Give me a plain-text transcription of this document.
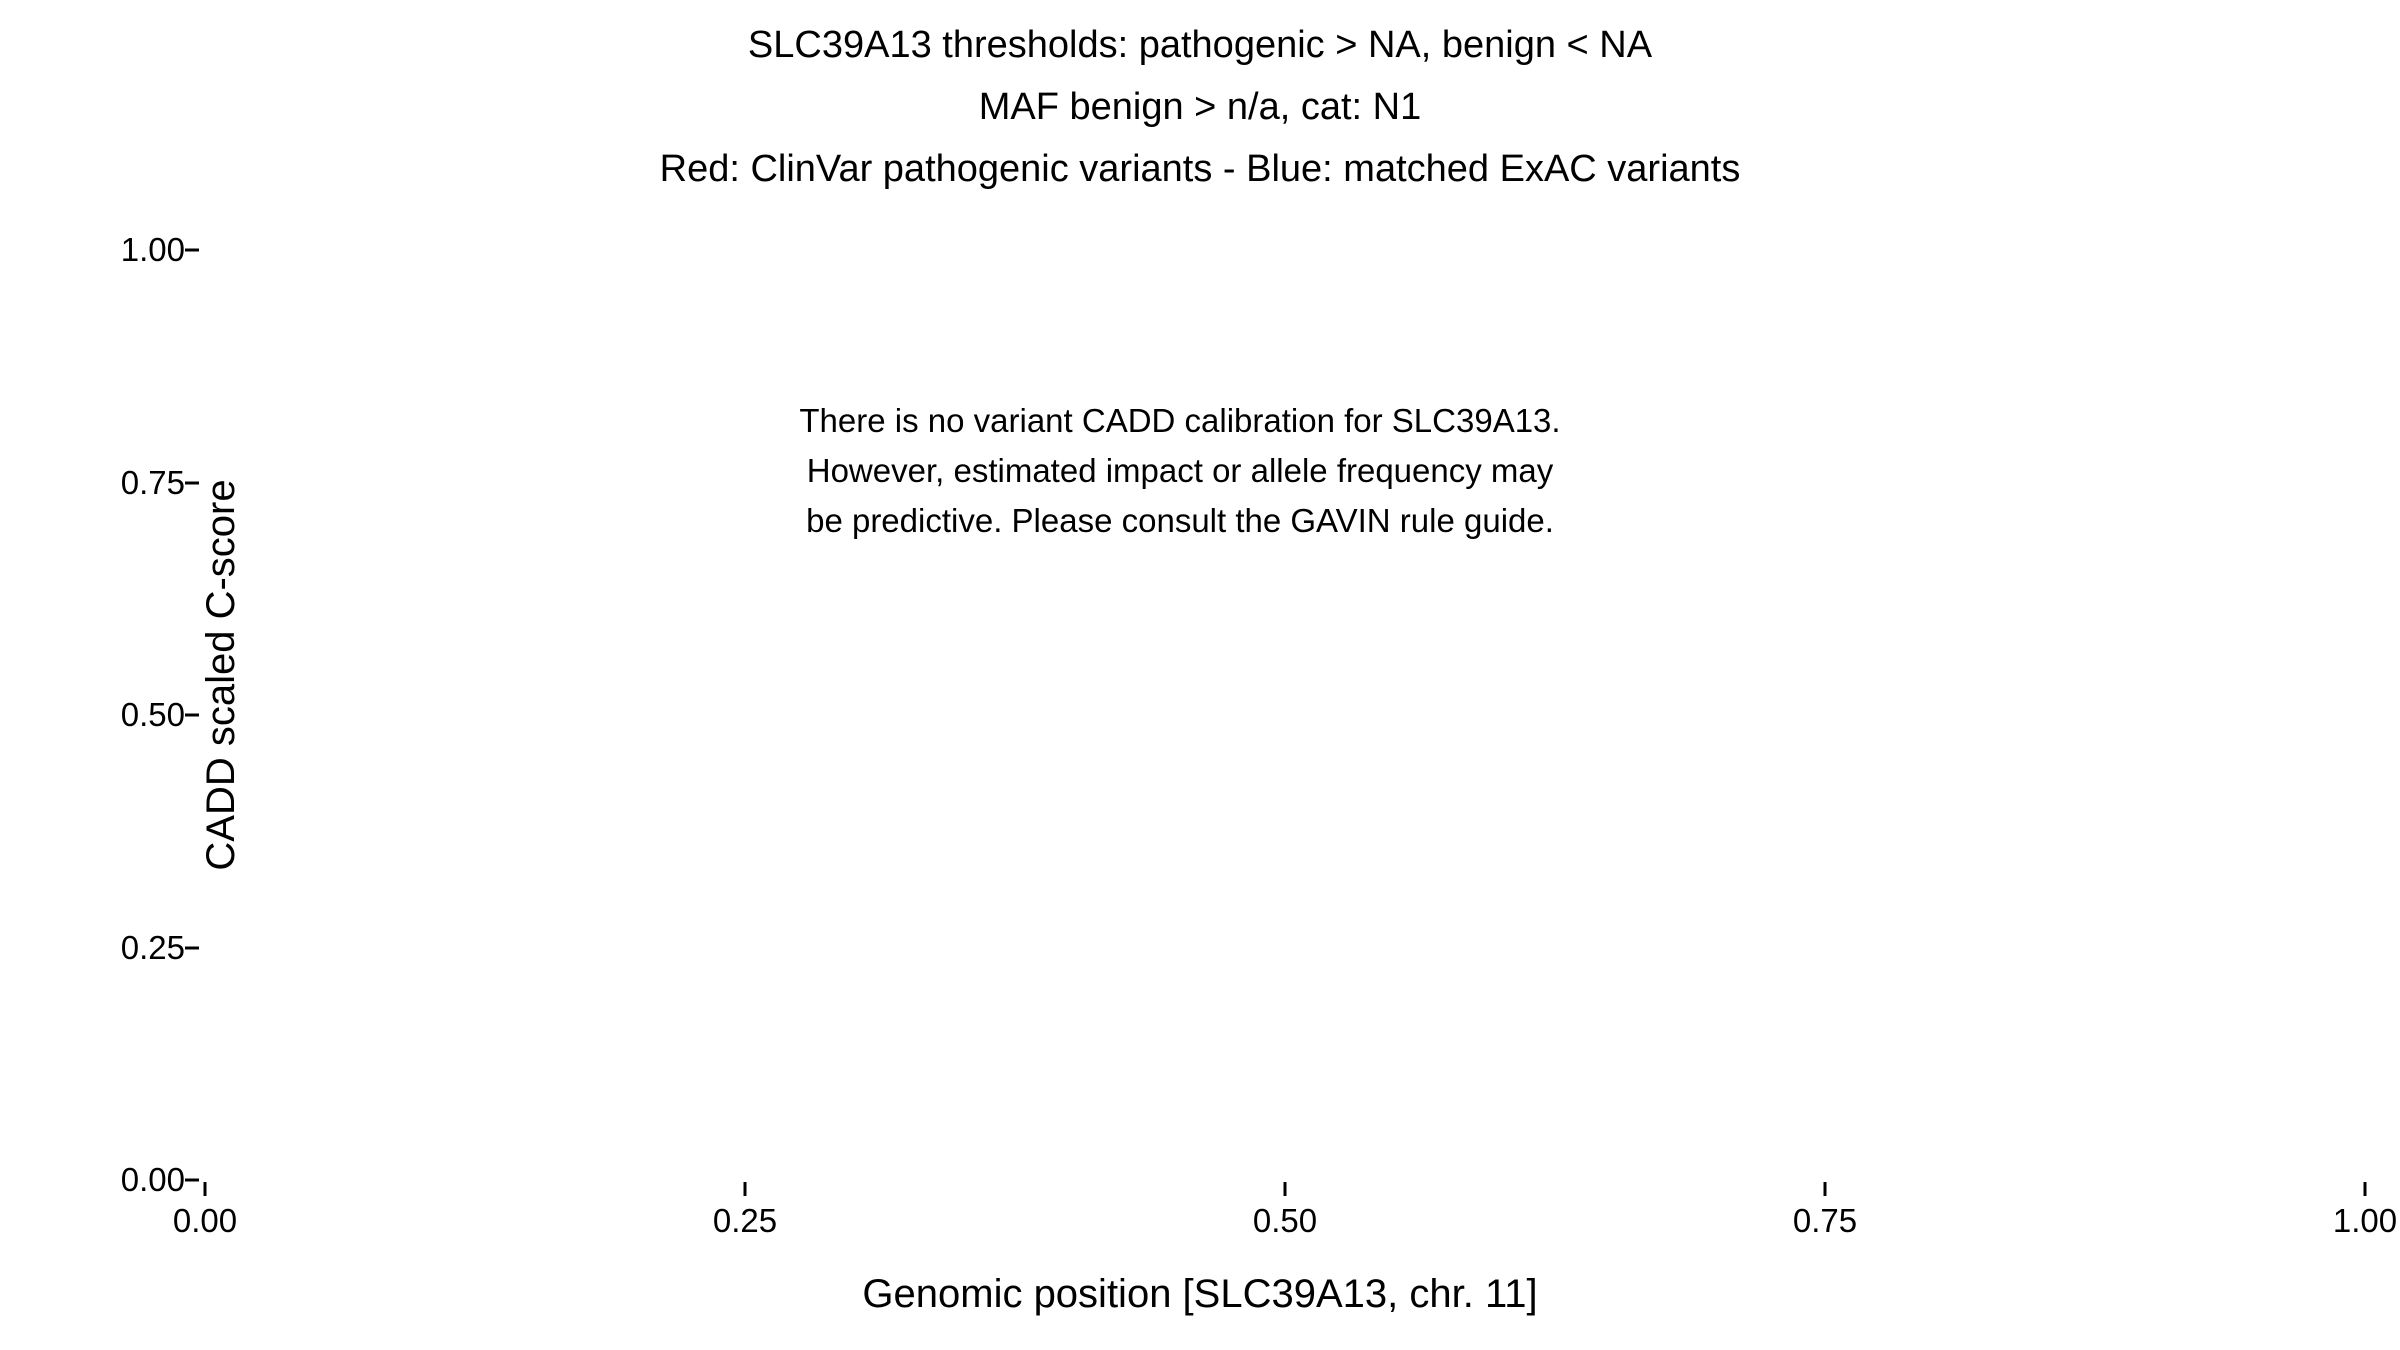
SLC39A13 thresholds: pathogenic > NA, benign < NA
MAF benign > n/a, cat: N1
Red: ClinVar pathogenic variants - Blue: matched ExAC variants
1.00
0.75
0.50
0.25
0.00
0.00	0.25	0.50	0.75	1.00
CADD scaled C-score
Genomic position [SLC39A13, chr. 11]
There is no variant CADD calibration for SLC39A13.
However, estimated impact or allele frequency may
be predictive. Please consult the GAVIN rule guide.
